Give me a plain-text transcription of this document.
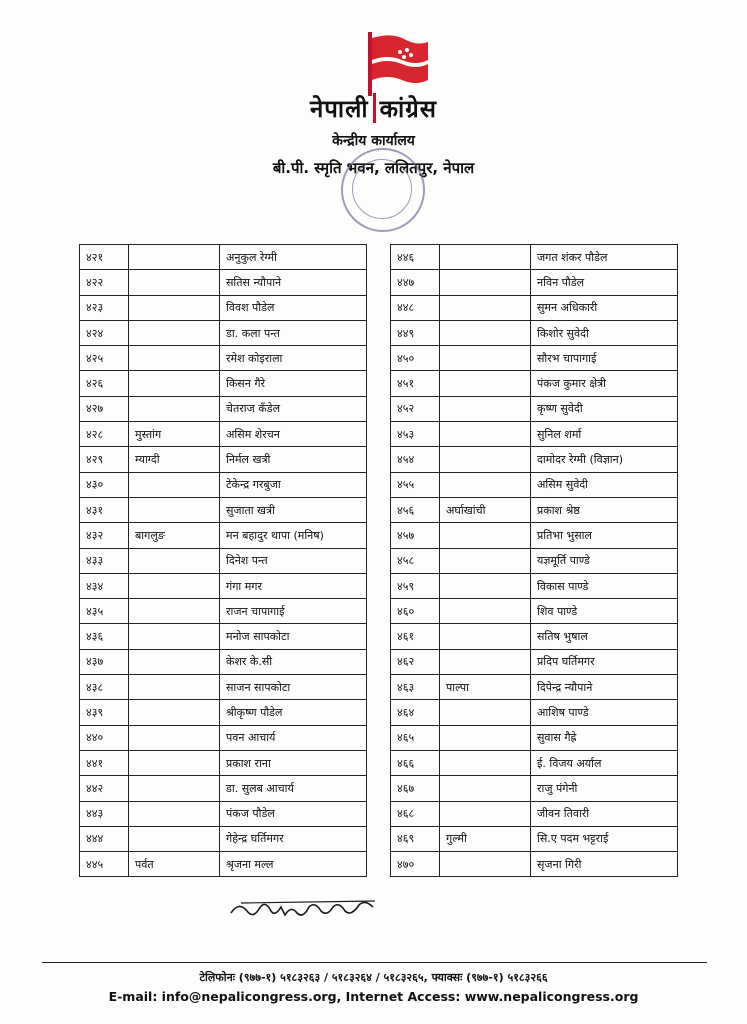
नेपाली कांग्रेस
केन्द्रीय कार्यालय
बी.पी. स्मृति भवन, ललितपुर, नेपाल
४२१		अनुकुल रेग्मी
४२२		सतिस न्यौपाने
४२३		विवश पौडेल
४२४		डा. कला पन्त
४२५		रमेश कोइराला
४२६		किसन गैरे
४२७		चेतराज कँडेल
४२८	मुस्तांग	असिम शेरचन
४२९	म्याग्दी	निर्मल खत्री
४३०		टेकेन्द्र गरबुजा
४३१		सुजाता खत्री
४३२	बागलुङ	मन बहादुर थापा (मनिष)
४३३		दिनेश पन्त
४३४		गंगा मगर
४३५		राजन चापागाई
४३६		मनोज सापकोटा
४३७		केशर के.सी
४३८		साजन सापकोटा
४३९		श्रीकृष्ण पौडेल
४४०		पवन आचार्य
४४१		प्रकाश राना
४४२		डा. सुलब आचार्य
४४३		पंकज पौडेल
४४४		गेहेन्द्र घर्तिमगर
४४५	पर्वत	श्रृजना मल्ल
४४६		जगत शंकर पौडेल
४४७		नविन पौडेल
४४८		सुमन अधिकारी
४४९		किशोर सुवेदी
४५०		सौरभ चापागाई
४५१		पंकज कुमार क्षेत्री
४५२		कृष्ण सुवेदी
४५३		सुनिल शर्मा
४५४		दामोदर रेग्मी (विज्ञान)
४५५		असिम सुवेदी
४५६	अर्घाखांची	प्रकाश श्रेष्ठ
४५७		प्रतिभा भुसाल
४५८		यज्ञमूर्ति पाण्डे
४५९		विकास पाण्डे
४६०		शिव पाण्डे
४६१		सतिष भुषाल
४६२		प्रदिप घर्तिमगर
४६३	पाल्पा	दिपेन्द्र न्यौपाने
४६४		आशिष पाण्डे
४६५		सुवास गैह्रे
४६६		ई. विजय अर्याल
४६७		राजु पंगेनी
४६८		जीवन तिवारी
४६९	गुल्मी	सि.ए पदम भट्टराई
४७०		सृजना गिरी
टेलिफोनः (९७७-१) ५१८३२६३ / ५१८३२६४ / ५१८३२६५, फ्याक्सः (९७७-१) ५१८३२६६
E-mail: info@nepalicongress.org, Internet Access: www.nepalicongress.org
